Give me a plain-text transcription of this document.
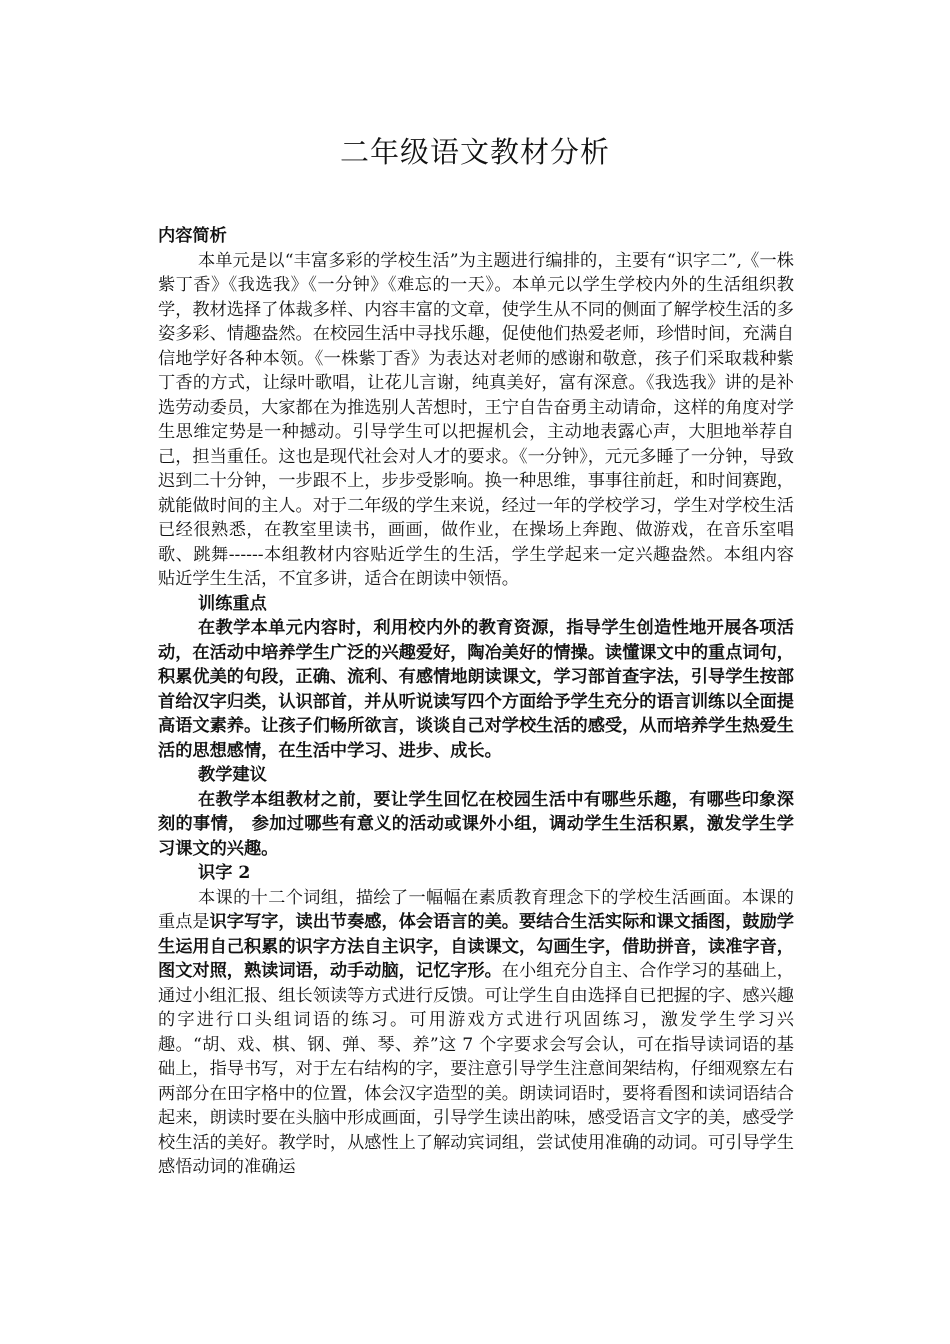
二年级语文教材分析

内容简析

本单元是以“丰富多彩的学校生活”为主题进行编排的，主要有“识字二”,《一株紫丁香》《我选我》《一分钟》《难忘的一天》。本单元以学生学校内外的生活组织教学，教材选择了体裁多样、内容丰富的文章，使学生从不同的侧面了解学校生活的多姿多彩、情趣盎然。在校园生活中寻找乐趣，促使他们热爱老师，珍惜时间，充满自信地学好各种本领。《一株紫丁香》为表达对老师的感谢和敬意，孩子们采取栽种紫丁香的方式，让绿叶歌唱，让花儿言谢，纯真美好，富有深意。《我选我》讲的是补选劳动委员，大家都在为推选别人苦想时，王宁自告奋勇主动请命，这样的角度对学生思维定势是一种撼动。引导学生可以把握机会，主动地表露心声，大胆地举荐自己，担当重任。这也是现代社会对人才的要求。《一分钟》，元元多睡了一分钟，导致迟到二十分钟，一步跟不上，步步受影响。换一种思维，事事往前赶，和时间赛跑，就能做时间的主人。对于二年级的学生来说，经过一年的学校学习，学生对学校生活已经很熟悉，在教室里读书，画画，做作业，在操场上奔跑、做游戏，在音乐室唱歌、跳舞------本组教材内容贴近学生的生活，学生学起来一定兴趣盎然。本组内容贴近学生生活，不宜多讲，适合在朗读中领悟。

训练重点

在教学本单元内容时，利用校内外的教育资源，指导学生创造性地开展各项活动，在活动中培养学生广泛的兴趣爱好，陶冶美好的情操。读懂课文中的重点词句，积累优美的句段，正确、流利、有感情地朗读课文，学习部首查字法，引导学生按部首给汉字归类，认识部首，并从听说读写四个方面给予学生充分的语言训练以全面提高语文素养。让孩子们畅所欲言，谈谈自己对学校生活的感受，从而培养学生热爱生活的思想感情，在生活中学习、进步、成长。

教学建议

在教学本组教材之前，要让学生回忆在校园生活中有哪些乐趣，有哪些印象深刻的事情， 参加过哪些有意义的活动或课外小组，调动学生生活积累，激发学生学习课文的兴趣。

识字 2

本课的十二个词组，描绘了一幅幅在素质教育理念下的学校生活画面。本课的重点是识字写字，读出节奏感，体会语言的美。要结合生活实际和课文插图，鼓励学生运用自己积累的识字方法自主识字，自读课文，勾画生字，借助拼音，读准字音，图文对照，熟读词语，动手动脑，记忆字形。在小组充分自主、合作学习的基础上，通过小组汇报、组长领读等方式进行反馈。可让学生自由选择自已把握的字、感兴趣的字进行口头组词语的练习。可用游戏方式进行巩固练习，激发学生学习兴趣。“胡、戏、棋、钢、弹、琴、养”这 7 个字要求会写会认，可在指导读词语的基础上，指导书写，对于左右结构的字，要注意引导学生注意间架结构，仔细观察左右两部分在田字格中的位置，体会汉字造型的美。朗读词语时，要将看图和读词语结合起来，朗读时要在头脑中形成画面，引导学生读出韵味，感受语言文字的美，感受学校生活的美好。教学时，从感性上了解动宾词组，尝试使用准确的动词。可引导学生感悟动词的准确运
